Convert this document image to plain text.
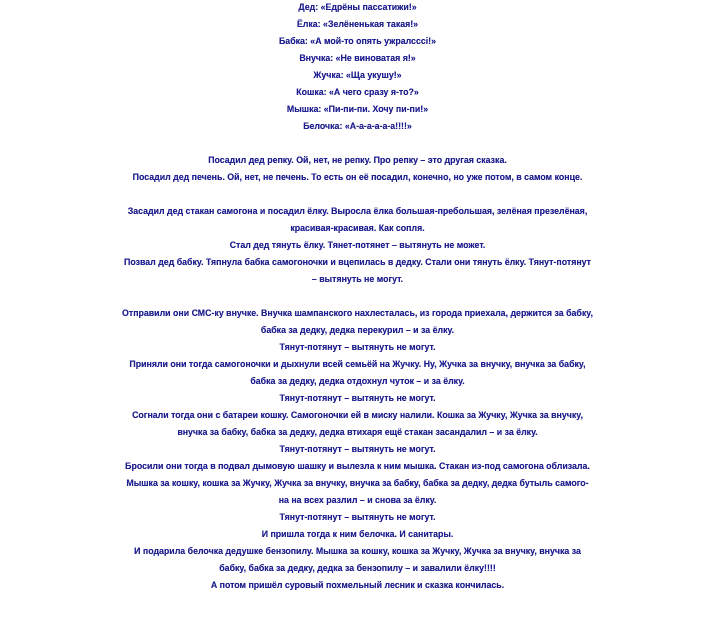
Дед: «Едрёны пассатижи!»
Ёлка: «Зелёненькая такая!»
Бабка: «А мой-то опять ужралсссі!»
Внучка: «Не виноватая я!»
Жучка: «Ща укушу!»
Кошка: «А чего сразу я-то?»
Мышка: «Пи-пи-пи. Хочу пи-пи!»
Белочка: «А-а-а-а-а-а!!!!»
Посадил дед репку. Ой, нет, не репку. Про репку – это другая сказка.
Посадил дед печень. Ой, нет, не печень. То есть он её посадил, конечно, но уже потом, в самом конце.
Засадил дед стакан самогона и посадил ёлку. Выросла ёлка большая-пребольшая, зелёная презелёная,
красивая-красивая. Как сопля.
Стал дед тянуть ёлку. Тянет-потянет – вытянуть не может.
Позвал дед бабку. Тяпнула бабка самогоночки и вцепилась в дедку. Стали они тянуть ёлку. Тянут-потянут
– вытянуть не могут.
Отправили они СМС-ку внучке. Внучка шампанского нахлесталась, из города приехала, держится за бабку,
бабка за дедку, дедка перекурил – и за ёлку.
Тянут-потянут – вытянуть не могут.
Приняли они тогда самогоночки и дыхнули всей семьёй на Жучку. Ну, Жучка за внучку, внучка за бабку,
бабка за дедку, дедка отдохнул чуток – и за ёлку.
Тянут-потянут – вытянуть не могут.
Согнали тогда они с батареи кошку. Самогоночки ей в миску налили. Кошка за Жучку, Жучка за внучку,
внучка за бабку, бабка за дедку, дедка втихаря ещё стакан засандалил – и за ёлку.
Тянут-потянут – вытянуть не могут.
Бросили они тогда в подвал дымовую шашку и вылезла к ним мышка. Стакан из-под самогона облизала.
Мышка за кошку, кошка за Жучку, Жучка за внучку, внучка за бабку, бабка за дедку, дедка бутыль самого-
на на всех разлил – и снова за ёлку.
Тянут-потянут – вытянуть не могут.
И пришла тогда к ним белочка. И санитары.
И подарила белочка дедушке бензопилу. Мышка за кошку, кошка за Жучку, Жучка за внучку, внучка за
бабку, бабка за дедку, дедка за бензопилу – и завалили ёлку!!!!
А потом пришёл суровый похмельный лесник и сказка кончилась.
